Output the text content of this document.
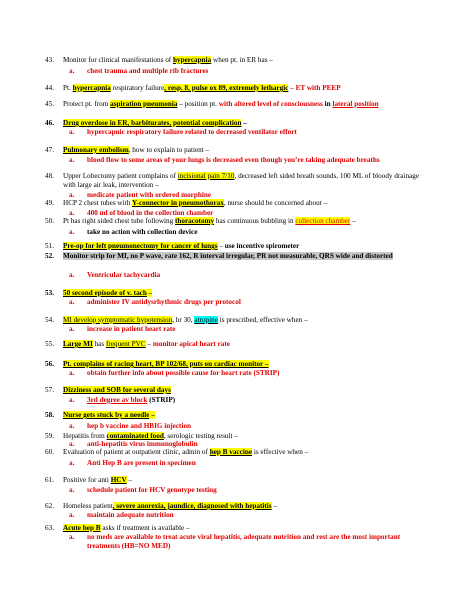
43. Monitor for clinical manifestations of hypercapnia when pt. in ER has –
a. chest trauma and multiple rib fractures
44. Pt. hypercapnia respiratory failure, resp. 8, pulse ox 89, extremely lethargic – ET with PEEP
45. Protect pt. from aspiration pneumonia – position pt. with altered level of consciousness in lateral position
46. Drug overdose in ER, barbiturates, potential complication –
a. hypercapnic respiratory failure related to decreased ventilator effort
47. Pulmonary embolism, how to explain to patient –
a. blood flow to some areas of your lungs is decreased even though you’re taking adequate breaths
48. Upper Lobectomy patient complains of incisional pain 7/10, decreased left sided breath sounds, 100 ML of bloody drainage with large air leak, intervention –
a. medicate patient with ordered morphine
49. HCP 2 chest tubes with Y-connector in pneumothorax, nurse should be concerned about –
a. 400 ml of blood in the collection chamber
50. Pt has right sided chest tube following thoracotomy has continuous bubbling in collection chamber –
a. take no action with collection device
51. Pre-op for left pneumonectomy for cancer of lungs – use incentive spirometer
52. Monitor strip for MI, no P wave, rate 162, R interval irregular, PR not measurable, QRS wide and distorted
a. Ventricular tachycardia
53. 50 second episode of v. tach –
a. administer IV antidysrhythmic drugs per protocol
54. MI develop symptomatic hypotension, hr 30, atropine is prescribed, effective when –
a. increase in patient heart rate
55. Large MI has frequent PVC – monitor apical heart rate
56. Pt. complains of racing heart, BP 102/68, puts on cardiac monitor –
a. obtain further info about possible cause for heart rate (STRIP)
57. Dizziness and SOB for several days
a. 3rd degree av block (STRIP)
58. Nurse gets stuck by a needle –
a. hep b vaccine and HBIG injection
59. Hepatitis from contaminated food, serologic testing result –
a. anti-hepatitis virus immunoglobulin
60. Evaluation of patient at outpatient clinic, admin of hep B vaccine is effective when –
a. Anti Hep B are present in specimen
61. Positive for anti HCV –
a. schedule patient for HCV genotype testing
62. Homeless patient, severe anorexia, jaundice, diagnosed with hepatitis –
a. maintain adequate nutrition
63. Acute hep B asks if treatment is available –
a. no meds are available to treat acute viral hepatitis, adequate nutrition and rest are the most important treatments (HB=NO MED)
